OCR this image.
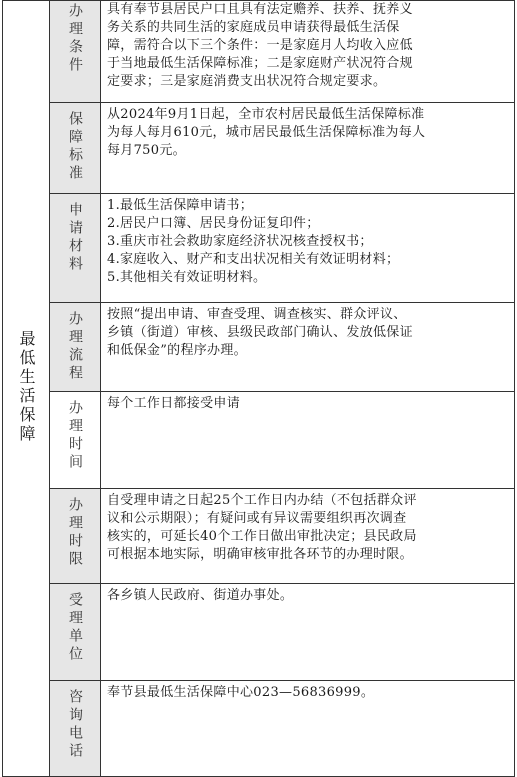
最低生活保障	办理条件	具有奉节县居民户口且具有法定赡养、扶养、抚养义
务关系的共同生活的家庭成员申请获得最低生活保
障，需符合以下三个条件：一是家庭月人均收入应低
于当地最低生活保障标准；二是家庭财产状况符合规
定要求；三是家庭消费支出状况符合规定要求。

	保障标准	从2024年9月1日起，全市农村居民最低生活保障标准
为每人每月610元，城市居民最低生活保障标准为每人
每月750元。

	申请材料	1.最低生活保障申请书；
2.居民户口簿、居民身份证复印件；
3.重庆市社会救助家庭经济状况核查授权书；
4.家庭收入、财产和支出状况相关有效证明材料；
5.其他相关有效证明材料。

	办理流程	按照“提出申请、审查受理、调查核实、群众评议、
乡镇（街道）审核、县级民政部门确认、发放低保证
和低保金”的程序办理。

	办理时间	每个工作日都接受申请

	办理时限	自受理申请之日起25个工作日内办结（不包括群众评
议和公示期限）；有疑问或有异议需要组织再次调查
核实的，可延长40个工作日做出审批决定；县民政局
可根据本地实际，明确审核审批各环节的办理时限。

	受理单位	各乡镇人民政府、街道办事处。

	咨询电话	奉节县最低生活保障中心023—56836999。
